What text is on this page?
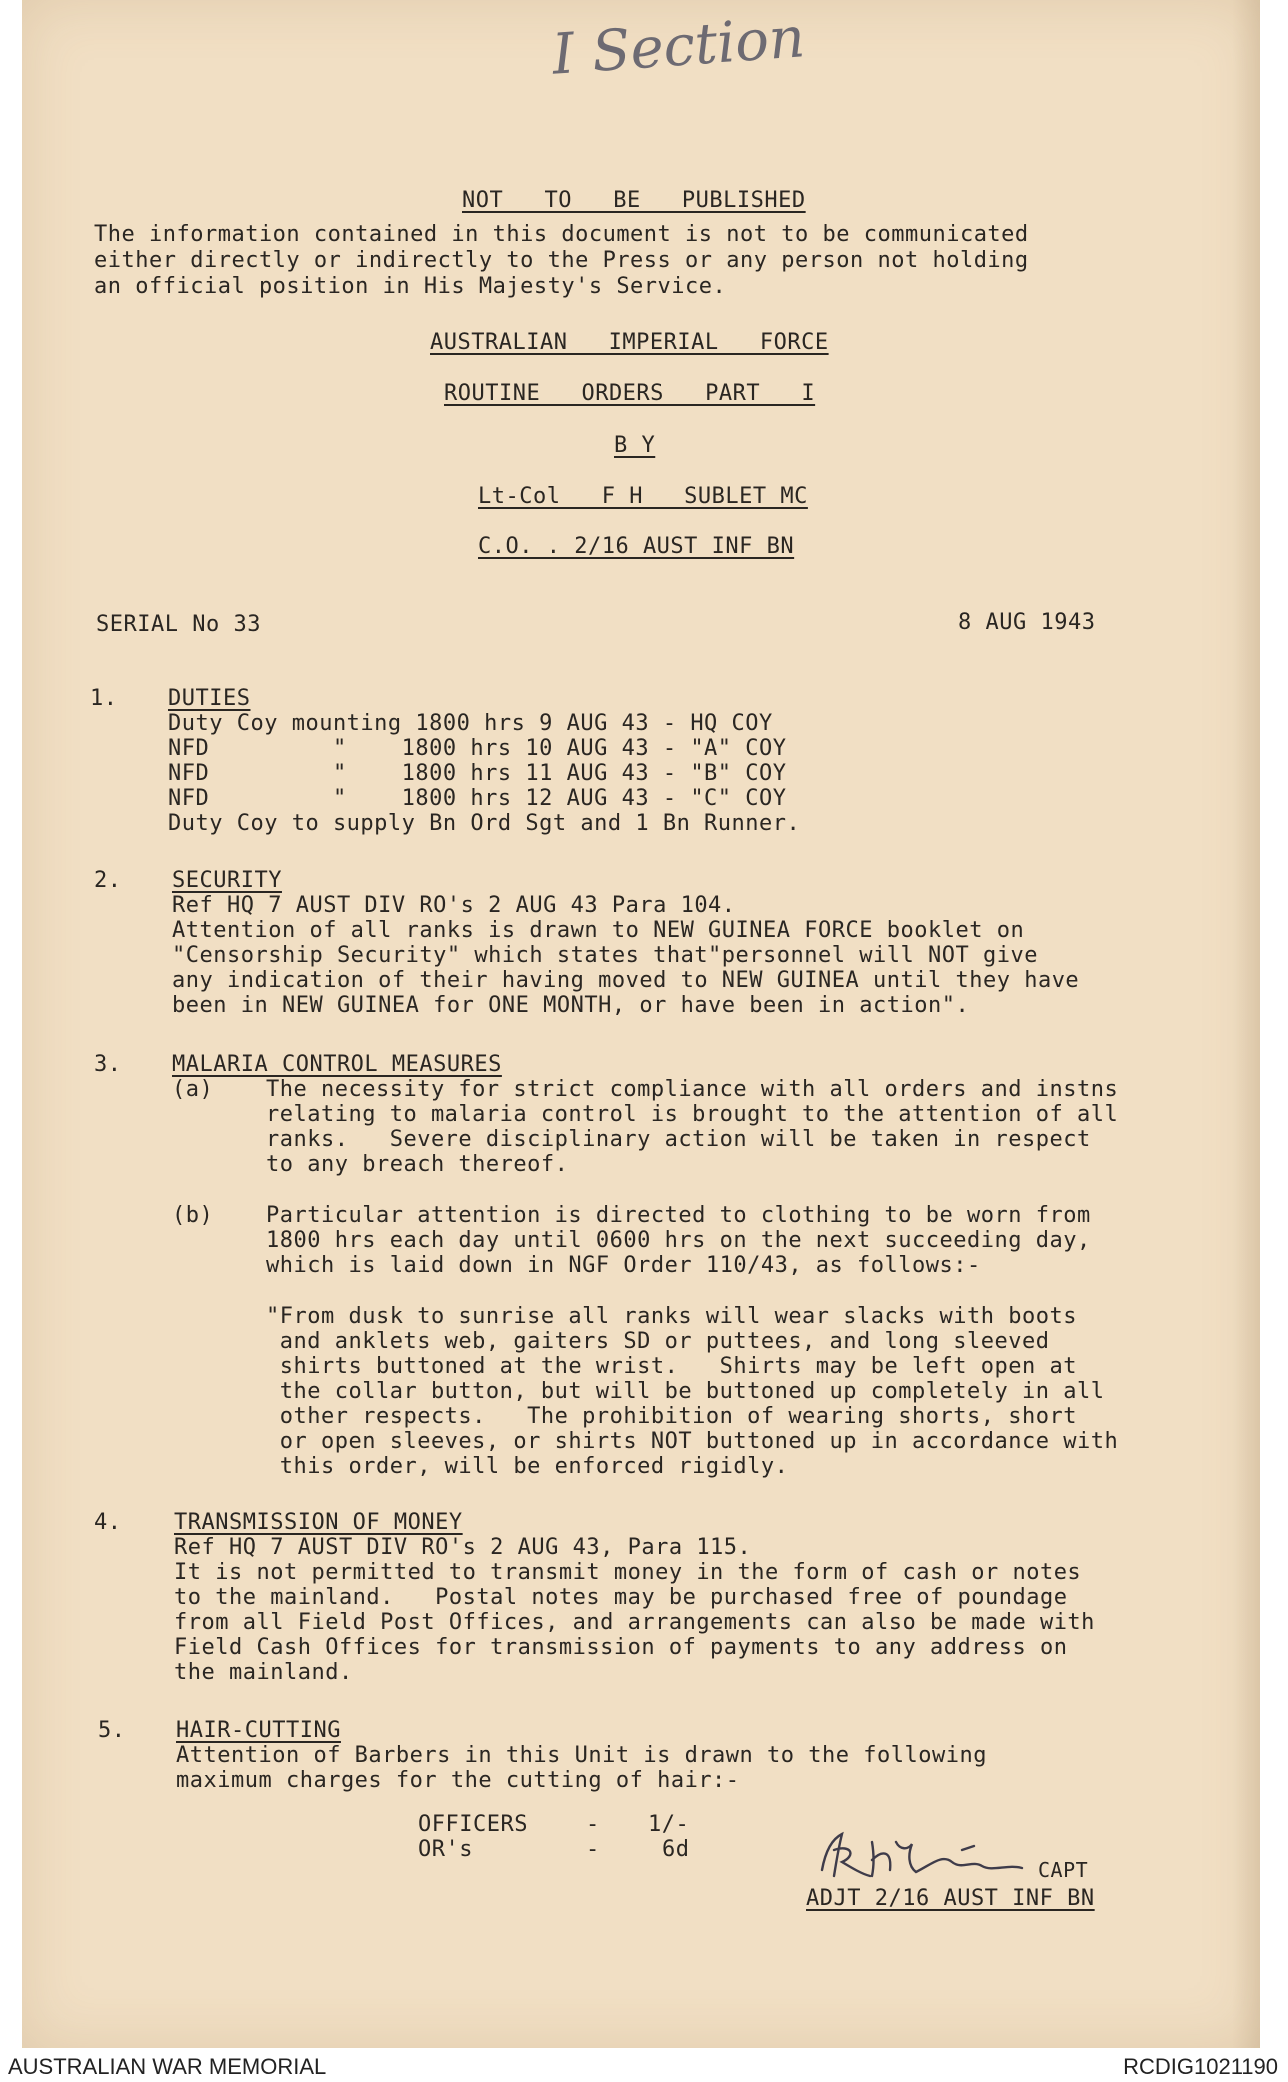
I Section
NOT   TO   BE   PUBLISHED
The information contained in this document is not to be communicated
either directly or indirectly to the Press or any person not holding
an official position in His Majesty's Service.
AUSTRALIAN   IMPERIAL   FORCE
ROUTINE   ORDERS   PART   I
B Y
Lt-Col   F H   SUBLET MC
C.O. . 2/16 AUST INF BN
SERIAL No 33	8 AUG 1943
1. DUTIES
Duty Coy mounting 1800 hrs 9 AUG 43 - HQ COY
NFD         "    1800 hrs 10 AUG 43 - "A" COY
NFD         "    1800 hrs 11 AUG 43 - "B" COY
NFD         "    1800 hrs 12 AUG 43 - "C" COY
Duty Coy to supply Bn Ord Sgt and 1 Bn Runner.
2. SECURITY
Ref HQ 7 AUST DIV RO's 2 AUG 43 Para 104.
Attention of all ranks is drawn to NEW GUINEA FORCE booklet on
"Censorship Security" which states that"personnel will NOT give
any indication of their having moved to NEW GUINEA until they have
been in NEW GUINEA for ONE MONTH, or have been in action".
3. MALARIA CONTROL MEASURES
(a) The necessity for strict compliance with all orders and instns
relating to malaria control is brought to the attention of all
ranks.   Severe disciplinary action will be taken in respect
to any breach thereof.
(b) Particular attention is directed to clothing to be worn from
1800 hrs each day until 0600 hrs on the next succeeding day,
which is laid down in NGF Order 110/43, as follows:-
"From dusk to sunrise all ranks will wear slacks with boots
and anklets web, gaiters SD or puttees, and long sleeved
shirts buttoned at the wrist.   Shirts may be left open at
the collar button, but will be buttoned up completely in all
other respects.   The prohibition of wearing shorts, short
or open sleeves, or shirts NOT buttoned up in accordance with
this order, will be enforced rigidly.
4. TRANSMISSION OF MONEY
Ref HQ 7 AUST DIV RO's 2 AUG 43, Para 115.
It is not permitted to transmit money in the form of cash or notes
to the mainland.   Postal notes may be purchased free of poundage
from all Field Post Offices, and arrangements can also be made with
Field Cash Offices for transmission of payments to any address on
the mainland.
5. HAIR-CUTTING
Attention of Barbers in this Unit is drawn to the following
maximum charges for the cutting of hair:-
OFFICERS	- 1/-
OR's	-	6d
CAPT
ADJT 2/16 AUST INF BN
AUSTRALIAN WAR MEMORIAL	RCDIG1021190
